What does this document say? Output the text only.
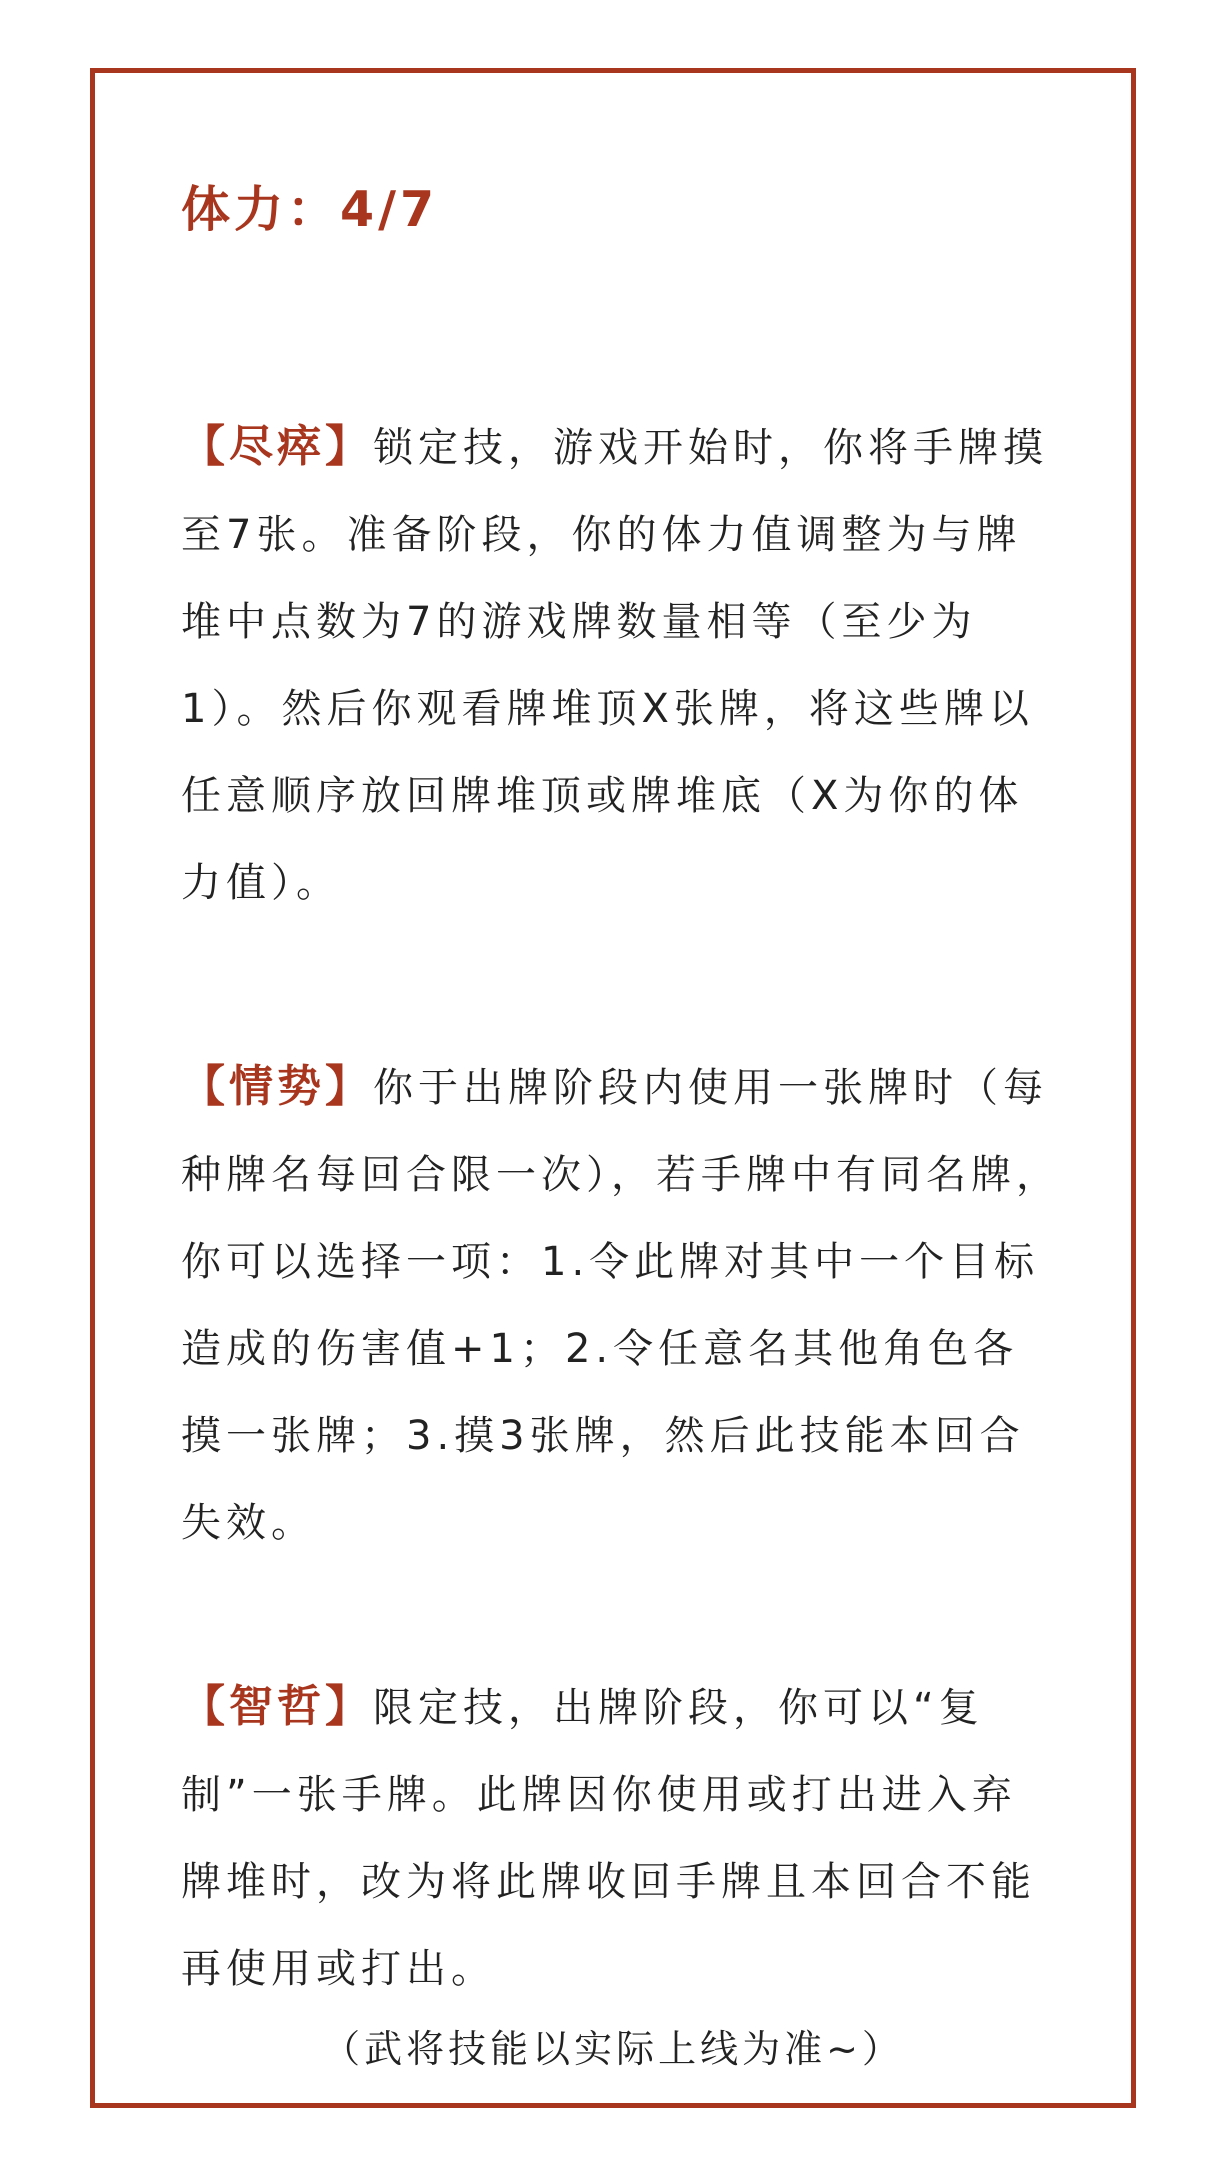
体力：4/7

【尽瘁】锁定技，游戏开始时，你将手牌摸至7张。准备阶段，你的体力值调整为与牌堆中点数为7的游戏牌数量相等（至少为1）。然后你观看牌堆顶X张牌，将这些牌以任意顺序放回牌堆顶或牌堆底（X为你的体力值）。

【情势】你于出牌阶段内使用一张牌时（每种牌名每回合限一次），若手牌中有同名牌，你可以选择一项：1.令此牌对其中一个目标造成的伤害值+1；2.令任意名其他角色各摸一张牌；3.摸3张牌，然后此技能本回合失效。

【智哲】限定技，出牌阶段，你可以“复制”一张手牌。此牌因你使用或打出进入弃牌堆时，改为将此牌收回手牌且本回合不能再使用或打出。

（武将技能以实际上线为准~）
